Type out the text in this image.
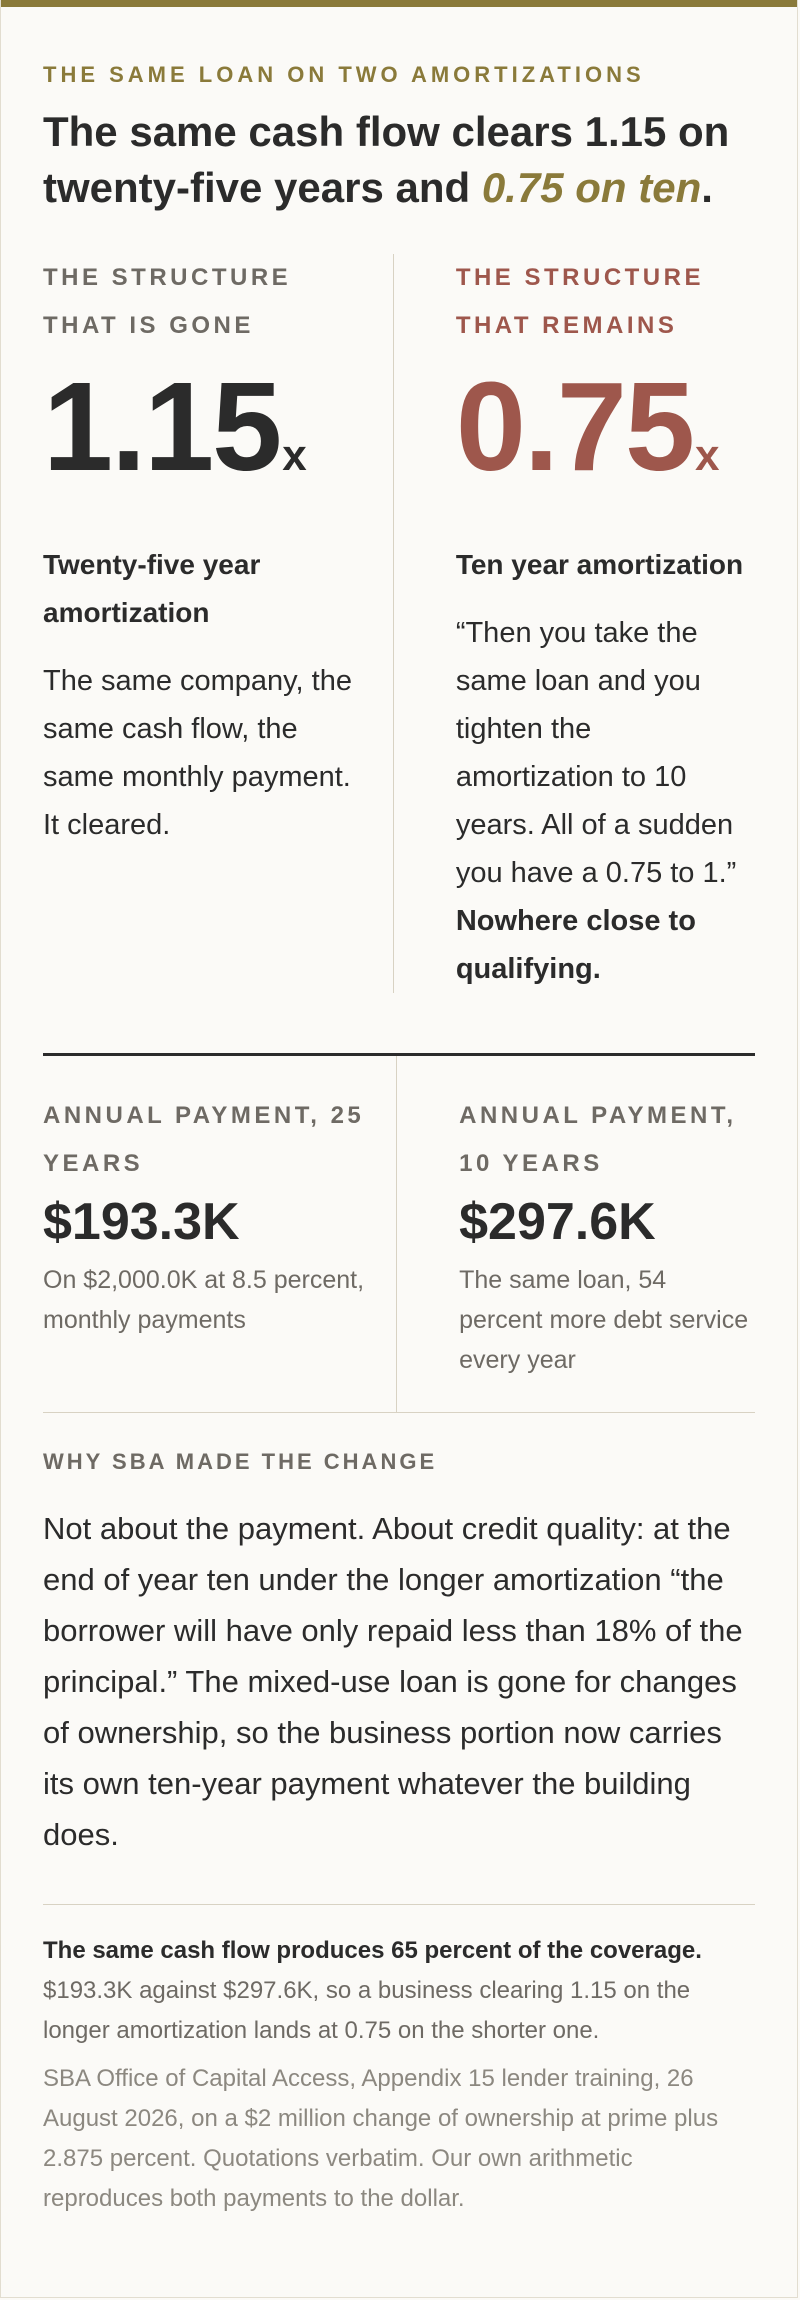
THE SAME LOAN ON TWO AMORTIZATIONS
The same cash flow clears 1.15 on twenty-five years and 0.75 on ten.
THE STRUCTURE
THAT IS GONE
1.15x
Twenty-five year amortization
The same company, the same cash flow, the same monthly payment. It cleared.
THE STRUCTURE
THAT REMAINS
0.75x
Ten year amortization
“Then you take the same loan and you tighten the amortization to 10 years. All of a sudden you have a 0.75 to 1.” Nowhere close to qualifying.
ANNUAL PAYMENT, 25 YEARS
$193.3K
On $2,000.0K at 8.5 percent, monthly payments
ANNUAL PAYMENT, 10 YEARS
$297.6K
The same loan, 54 percent more debt service every year
WHY SBA MADE THE CHANGE
Not about the payment. About credit quality: at the end of year ten under the longer amortization “the borrower will have only repaid less than 18% of the principal.” The mixed-use loan is gone for changes of ownership, so the business portion now carries its own ten-year payment whatever the building does.
The same cash flow produces 65 percent of the coverage.
$193.3K against $297.6K, so a business clearing 1.15 on the longer amortization lands at 0.75 on the shorter one.
SBA Office of Capital Access, Appendix 15 lender training, 26 August 2026, on a $2 million change of ownership at prime plus 2.875 percent. Quotations verbatim. Our own arithmetic reproduces both payments to the dollar.
